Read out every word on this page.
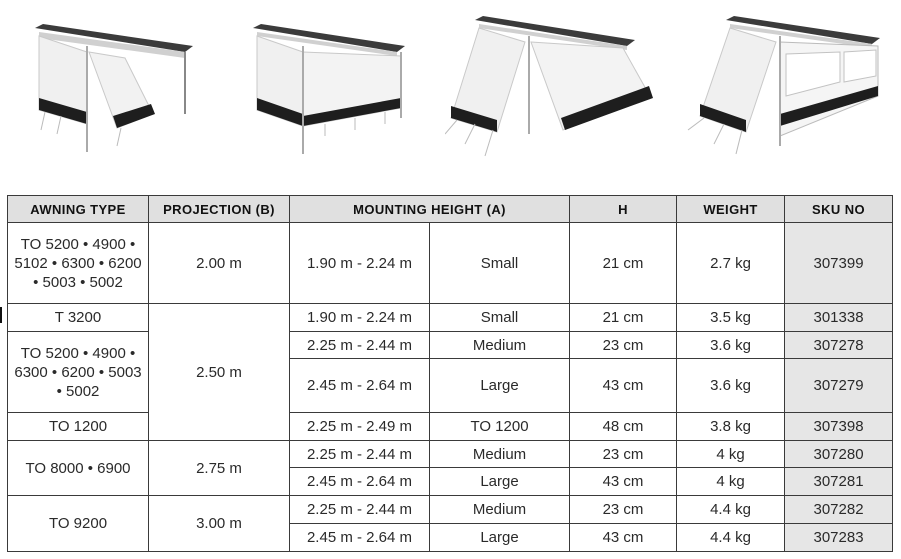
AWNING TYPE	PROJECTION (B)	MOUNTING HEIGHT (A)		H	WEIGHT	SKU NO
TO 5200 • 4900 • 5102 • 6300 • 6200 • 5003 • 5002	2.00 m	1.90 m - 2.24 m	Small	21 cm	2.7 kg	307399
T 3200	2.50 m	1.90 m - 2.24 m	Small	21 cm	3.5 kg	301338
TO 5200 • 4900 • 6300 • 6200 • 5003 • 5002		2.25 m - 2.44 m	Medium	23 cm	3.6 kg	307278
		2.45 m - 2.64 m	Large	43 cm	3.6 kg	307279
TO 1200		2.25 m - 2.49 m	TO 1200	48 cm	3.8 kg	307398
TO 8000 • 6900	2.75 m	2.25 m - 2.44 m	Medium	23 cm	4 kg	307280
		2.45 m - 2.64 m	Large	43 cm	4 kg	307281
TO 9200	3.00 m	2.25 m - 2.44 m	Medium	23 cm	4.4 kg	307282
		2.45 m - 2.64 m	Large	43 cm	4.4 kg	307283
